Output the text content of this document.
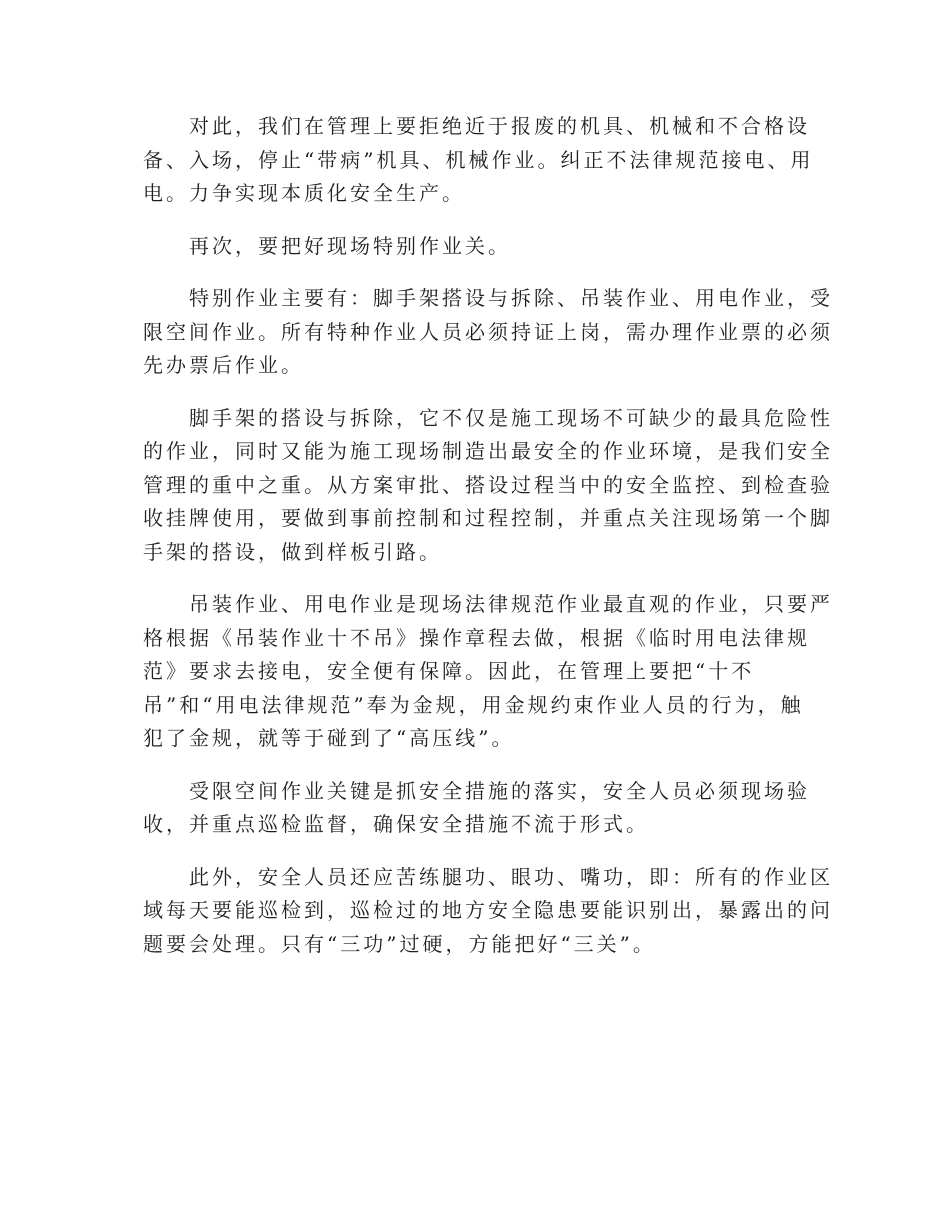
对此，我们在管理上要拒绝近于报废的机具、机械和不合格设
备、入场，停止“带病”机具、机械作业。纠正不法律规范接电、用
电。力争实现本质化安全生产。

再次，要把好现场特别作业关。

特别作业主要有：脚手架搭设与拆除、吊装作业、用电作业，受
限空间作业。所有特种作业人员必须持证上岗，需办理作业票的必须
先办票后作业。

脚手架的搭设与拆除，它不仅是施工现场不可缺少的最具危险性
的作业，同时又能为施工现场制造出最安全的作业环境，是我们安全
管理的重中之重。从方案审批、搭设过程当中的安全监控、到检查验
收挂牌使用，要做到事前控制和过程控制，并重点关注现场第一个脚
手架的搭设，做到样板引路。

吊装作业、用电作业是现场法律规范作业最直观的作业，只要严
格根据《吊装作业十不吊》操作章程去做，根据《临时用电法律规
范》要求去接电，安全便有保障。因此，在管理上要把“十不
吊”和“用电法律规范”奉为金规，用金规约束作业人员的行为，触
犯了金规，就等于碰到了“高压线”。

受限空间作业关键是抓安全措施的落实，安全人员必须现场验
收，并重点巡检监督，确保安全措施不流于形式。

此外，安全人员还应苦练腿功、眼功、嘴功，即：所有的作业区
域每天要能巡检到，巡检过的地方安全隐患要能识别出，暴露出的问
题要会处理。只有“三功”过硬，方能把好“三关”。
